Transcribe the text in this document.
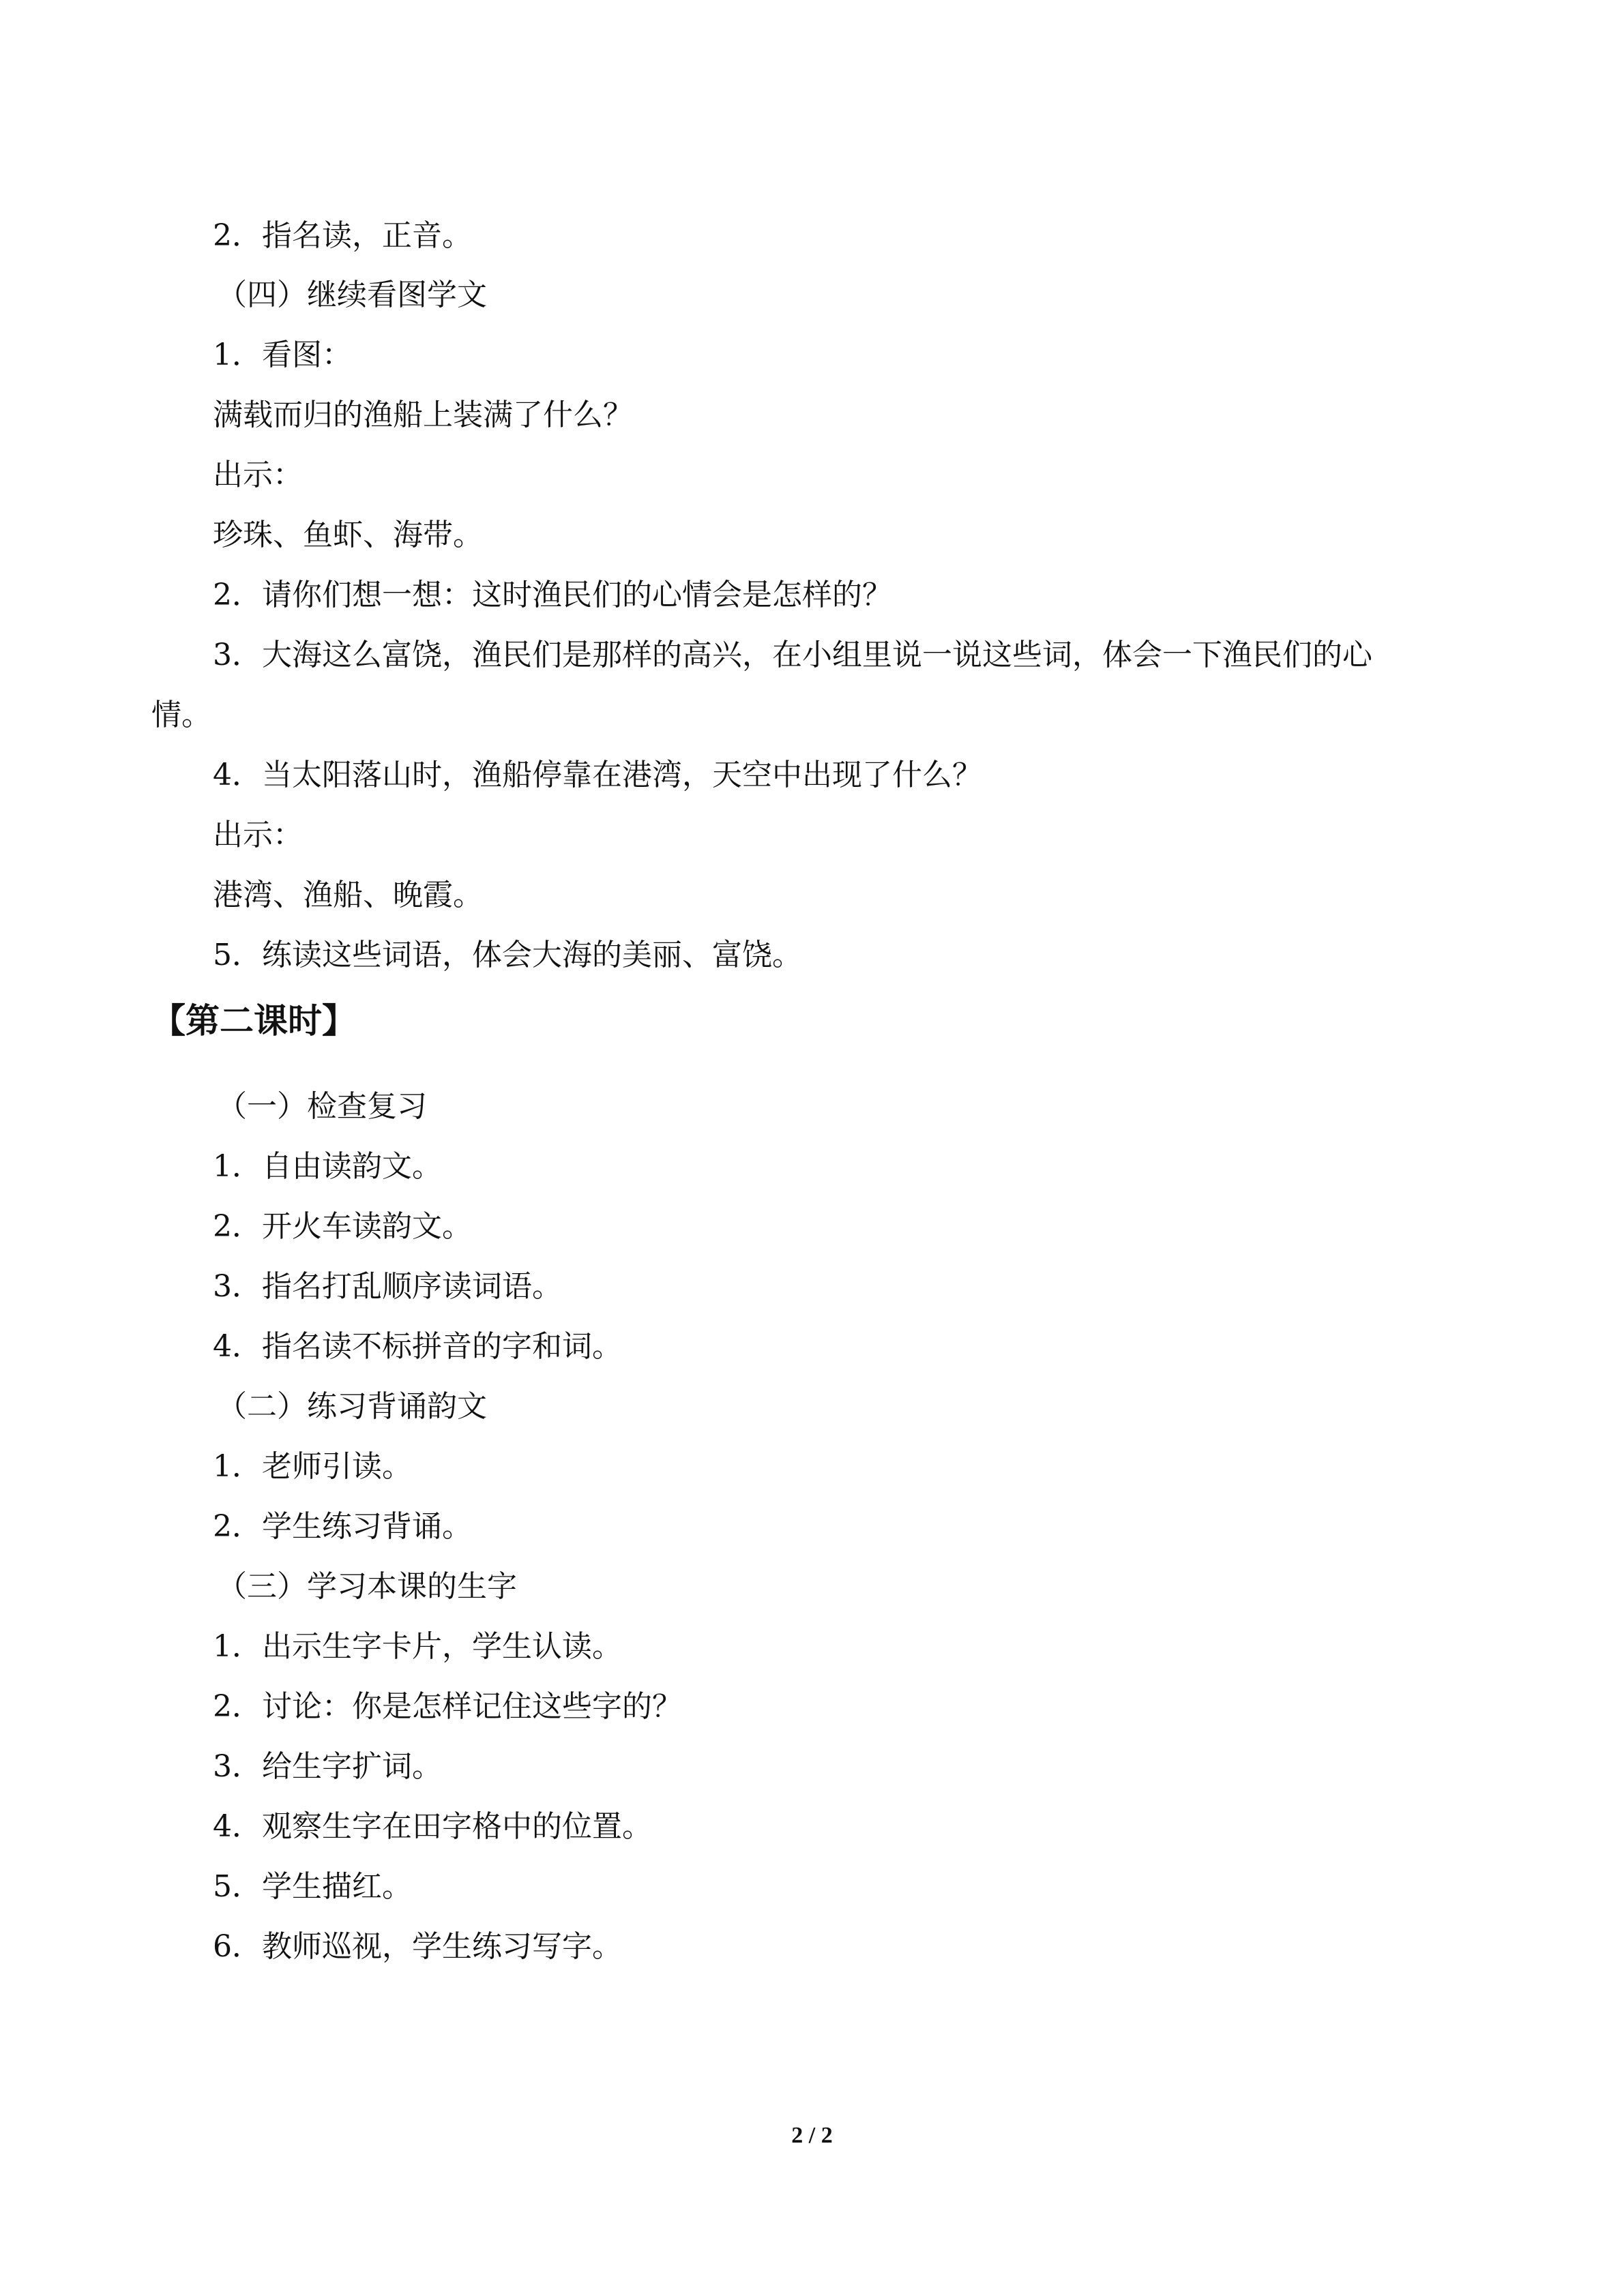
2．指名读，正音。
（四）继续看图学文
1．看图：
满载而归的渔船上装满了什么？
出示：
珍珠、鱼虾、海带。
2．请你们想一想：这时渔民们的心情会是怎样的？
3．大海这么富饶，渔民们是那样的高兴，在小组里说一说这些词，体会一下渔民们的心
情。
4．当太阳落山时，渔船停靠在港湾，天空中出现了什么？
出示：
港湾、渔船、晚霞。
5．练读这些词语，体会大海的美丽、富饶。
【第二课时】
（一）检查复习
1．自由读韵文。
2．开火车读韵文。
3．指名打乱顺序读词语。
4．指名读不标拼音的字和词。
（二）练习背诵韵文
1．老师引读。
2．学生练习背诵。
（三）学习本课的生字
1．出示生字卡片，学生认读。
2．讨论：你是怎样记住这些字的？
3．给生字扩词。
4．观察生字在田字格中的位置。
5．学生描红。
6．教师巡视，学生练习写字。
2 / 2
